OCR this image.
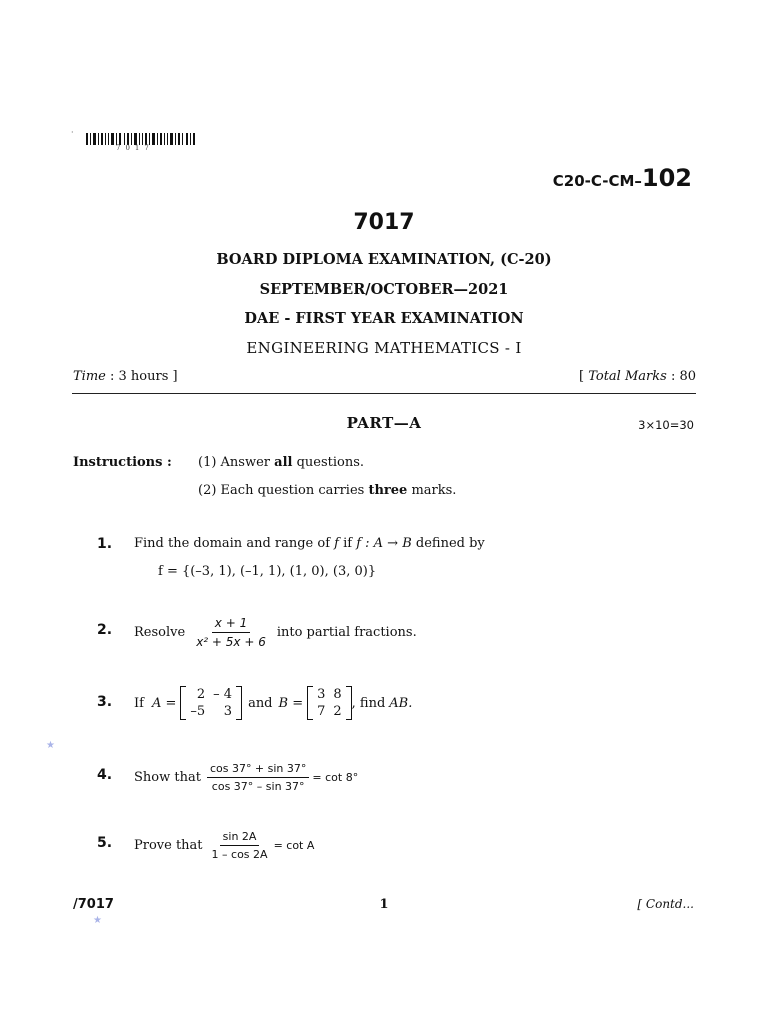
·
7017
C20-C-CM–102
7017
BOARD DIPLOMA EXAMINATION, (C-20)
SEPTEMBER/OCTOBER—2021
DAE - FIRST YEAR EXAMINATION
ENGINEERING MATHEMATICS - I
Time : 3 hours ]	[ Total Marks : 80
PART—A	3×10=30
Instructions : (1) Answer all questions.
(2) Each question carries three marks.
1. Find the domain and range of f if f : A → B defined by
f = {(–3, 1), (–1, 1), (1, 0), (3, 0)}
2. Resolve $\frac{x + 1}{\text{x² + 5x + 6}}$ into partial fractions.
3. If A =
2	– 4
–5	3
and B =
3	8
7	2
, find AB.
★
4. Show that $\frac{\cos 37^\circ + \sin 37^\circ}{\cos 37^\circ - \sin 37^\circ} = \cot 8^\circ$
5. Prove that $\frac{\sin 2A}{1 - \cos 2A} = \cot A$
/7017	1	[ Contd...
★
